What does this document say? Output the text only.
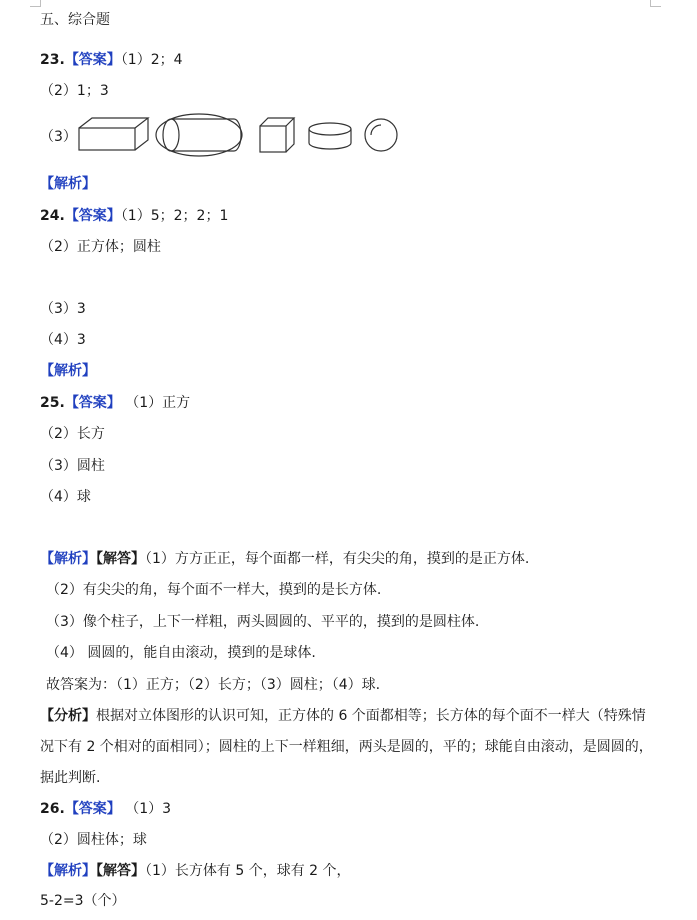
五、综合题
23.【答案】（1）2；4
（2）1；3
（3）
【解析】
24.【答案】（1）5；2；2；1
（2）正方体；圆柱
（3）3
（4）3
【解析】
25.【答案】 （1）正方
（2）长方
（3）圆柱
（4）球
【解析】【解答】（1）方方正正，每个面都一样，有尖尖的角，摸到的是正方体.
（2）有尖尖的角，每个面不一样大，摸到的是长方体.
（3）像个柱子，上下一样粗，两头圆圆的、平平的，摸到的是圆柱体.
（4） 圆圆的，能自由滚动，摸到的是球体.
故答案为：（1）正方；（2）长方；（3）圆柱；（4）球.
【分析】根据对立体图形的认识可知，正方体的 6 个面都相等；长方体的每个面不一样大（特殊情
况下有 2 个相对的面相同）；圆柱的上下一样粗细，两头是圆的，平的；球能自由滚动，是圆圆的，
据此判断.
26.【答案】 （1）3
（2）圆柱体；球
【解析】【解答】（1）长方体有 5 个，球有 2 个，
5-2=3（个）
